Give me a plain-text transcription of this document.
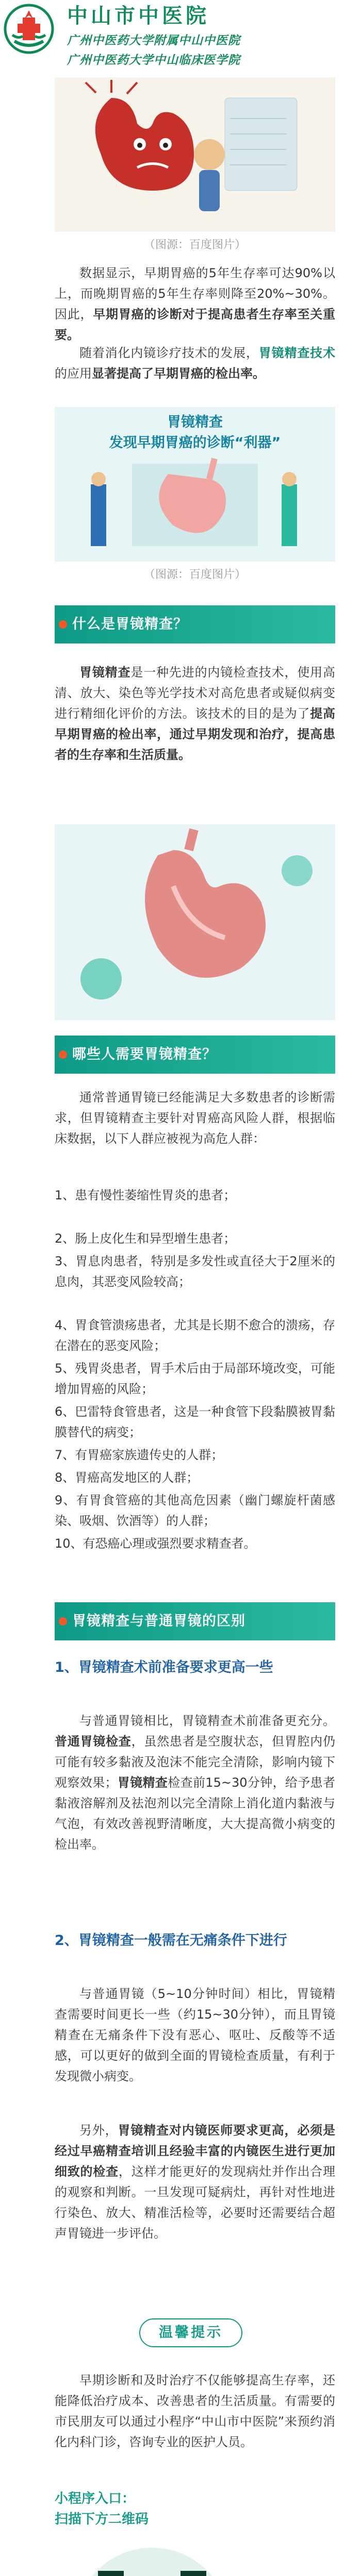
中山市中医院
广州中医药大学附属中山中医院
广州中医药大学中山临床医学院
（图源：百度图片）
数据显示，早期胃癌的5年生存率可达90%以上，而晚期胃癌的5年生存率则降至20%~30%。因此，早期胃癌的诊断对于提高患者生存率至关重要。
随着消化内镜诊疗技术的发展，胃镜精查技术的应用显著提高了早期胃癌的检出率。
胃镜精查
发现早期胃癌的诊断“利器”
（图源：百度图片）
什么是胃镜精查？
胃镜精查是一种先进的内镜检查技术，使用高清、放大、染色等光学技术对高危患者或疑似病变进行精细化评价的方法。该技术的目的是为了提高早期胃癌的检出率，通过早期发现和治疗，提高患者的生存率和生活质量。
哪些人需要胃镜精查？
通常普通胃镜已经能满足大多数患者的诊断需求，但胃镜精查主要针对胃癌高风险人群，根据临床数据，以下人群应被视为高危人群：
1、患有慢性萎缩性胃炎的患者；
2、肠上皮化生和异型增生患者；
3、胃息肉患者，特别是多发性或直径大于2厘米的息肉，其恶变风险较高；
4、胃食管溃疡患者，尤其是长期不愈合的溃疡，存在潜在的恶变风险；
5、残胃炎患者，胃手术后由于局部环境改变，可能增加胃癌的风险；
6、巴雷特食管患者，这是一种食管下段黏膜被胃黏膜替代的病变；
7、有胃癌家族遗传史的人群；
8、胃癌高发地区的人群；
9、有胃食管癌的其他高危因素（幽门螺旋杆菌感染、吸烟、饮酒等）的人群；
10、有恐癌心理或强烈要求精查者。
胃镜精查与普通胃镜的区别
1、胃镜精查术前准备要求更高一些
与普通胃镜相比，胃镜精查术前准备更充分。普通胃镜检查，虽然患者是空腹状态，但胃腔内仍可能有较多黏液及泡沫不能完全清除，影响内镜下观察效果；胃镜精查检查前15~30分钟，给予患者黏液溶解剂及祛泡剂以完全清除上消化道内黏液与气泡，有效改善视野清晰度，大大提高微小病变的检出率。
2、胃镜精查一般需在无痛条件下进行
与普通胃镜（5~10分钟时间）相比，胃镜精查需要时间更长一些（约15~30分钟），而且胃镜精查在无痛条件下没有恶心、呕吐、反酸等不适感，可以更好的做到全面的胃镜检查质量，有利于发现微小病变。
另外，胃镜精查对内镜医师要求更高，必须是经过早癌精查培训且经验丰富的内镜医生进行更加细致的检查，这样才能更好的发现病灶并作出合理的观察和判断。一旦发现可疑病灶，再针对性地进行染色、放大、精准活检等，必要时还需要结合超声胃镜进一步评估。
温馨提示
早期诊断和及时治疗不仅能够提高生存率，还能降低治疗成本、改善患者的生活质量。有需要的市民朋友可以通过小程序“中山市中医院”来预约消化内科门诊，咨询专业的医护人员。
小程序入口：
扫描下方二维码
